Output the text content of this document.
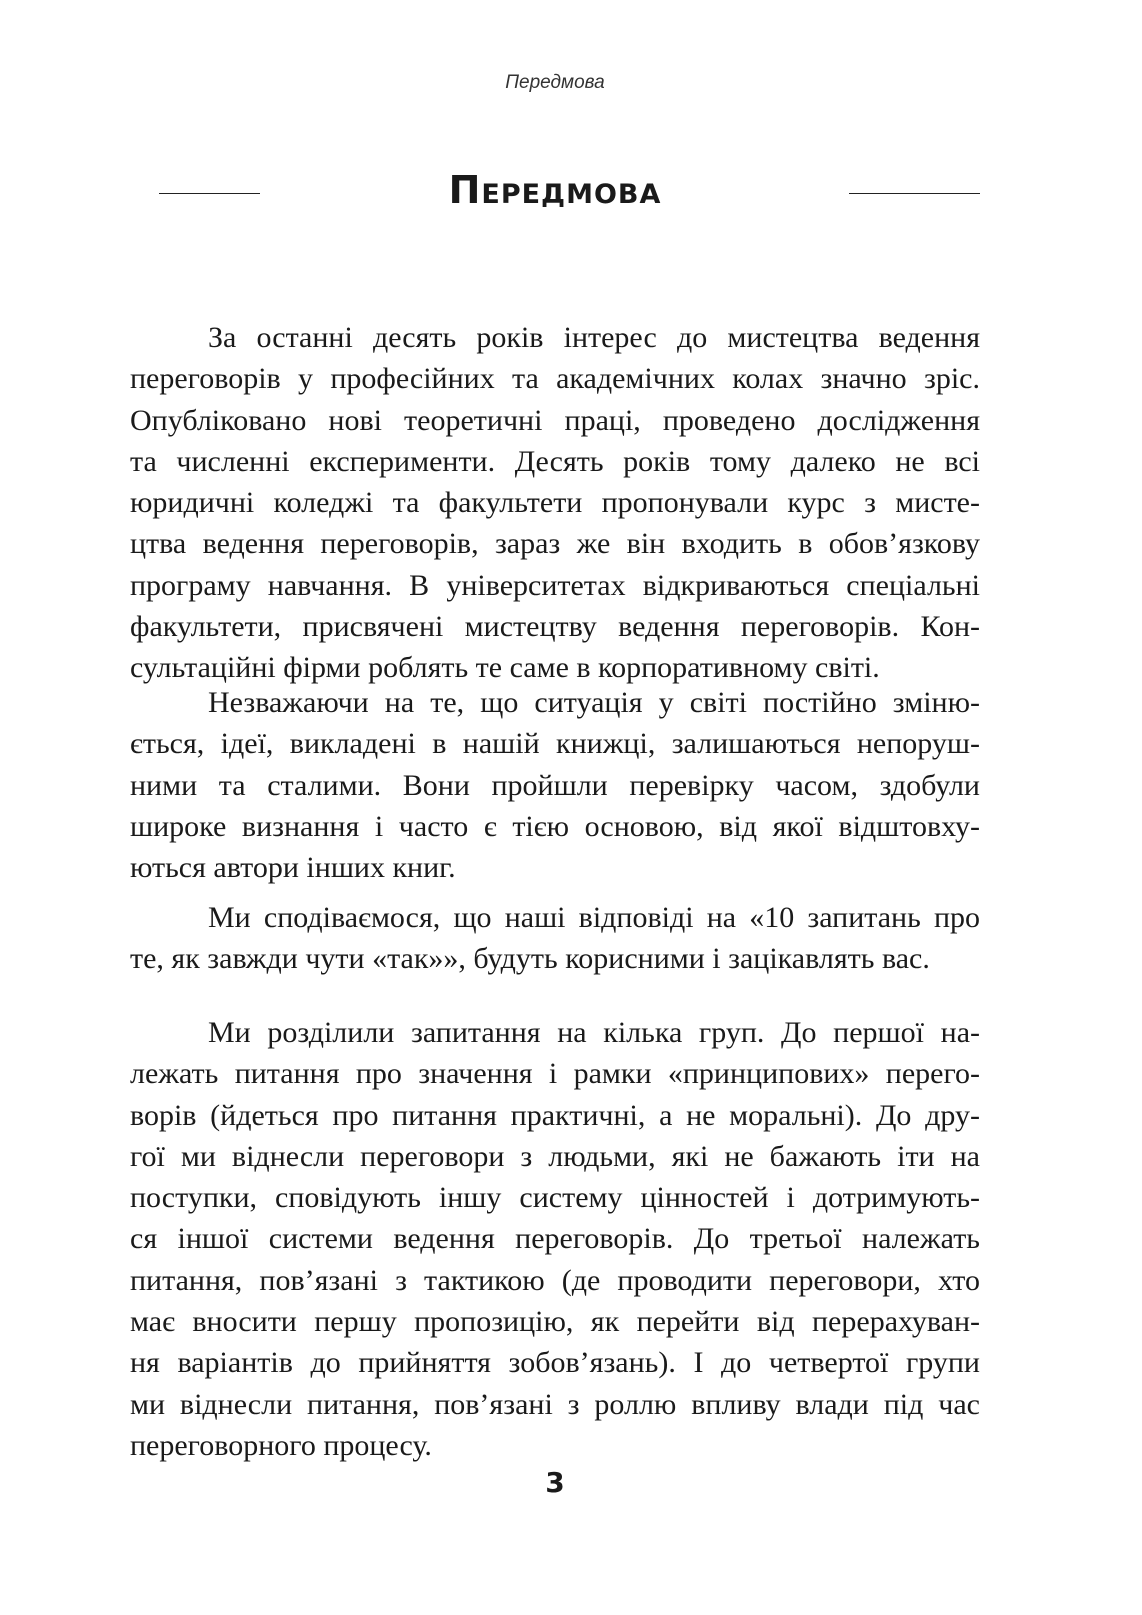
Передмова
Передмова
За останні десять років інтерес до мистецтва ведення
переговорів у професійних та академічних колах значно зріс.
Опубліковано нові теоретичні праці, проведено дослідження
та численні експерименти. Десять років тому далеко не всі
юридичні коледжі та факультети пропонували курс з мисте-
цтва ведення переговорів, зараз же він входить в обов’язкову
програму навчання. В університетах відкриваються спеціальні
факультети, присвячені мистецтву ведення переговорів. Кон-
сультаційні фірми роблять те саме в корпоративному світі.
Незважаючи на те, що ситуація у світі постійно зміню-
ється, ідеї, викладені в нашій книжці, залишаються непоруш-
ними та сталими. Вони пройшли перевірку часом, здобули
широке визнання і часто є тією основою, від якої відштовху-
ються автори інших книг.
Ми сподіваємося, що наші відповіді на «10 запитань про
те, як завжди чути «так»», будуть корисними і зацікавлять вас.
Ми розділили запитання на кілька груп. До першої на-
лежать питання про значення і рамки «принципових» перего-
ворів (йдеться про питання практичні, а не моральні). До дру-
гої ми віднесли переговори з людьми, які не бажають іти на
поступки, сповідують іншу систему цінностей і дотримують-
ся іншої системи ведення переговорів. До третьої належать
питання, пов’язані з тактикою (де проводити переговори, хто
має вносити першу пропозицію, як перейти від перерахуван-
ня варіантів до прийняття зобов’язань). І до четвертої групи
ми віднесли питання, пов’язані з роллю впливу влади під час
переговорного процесу.
3
